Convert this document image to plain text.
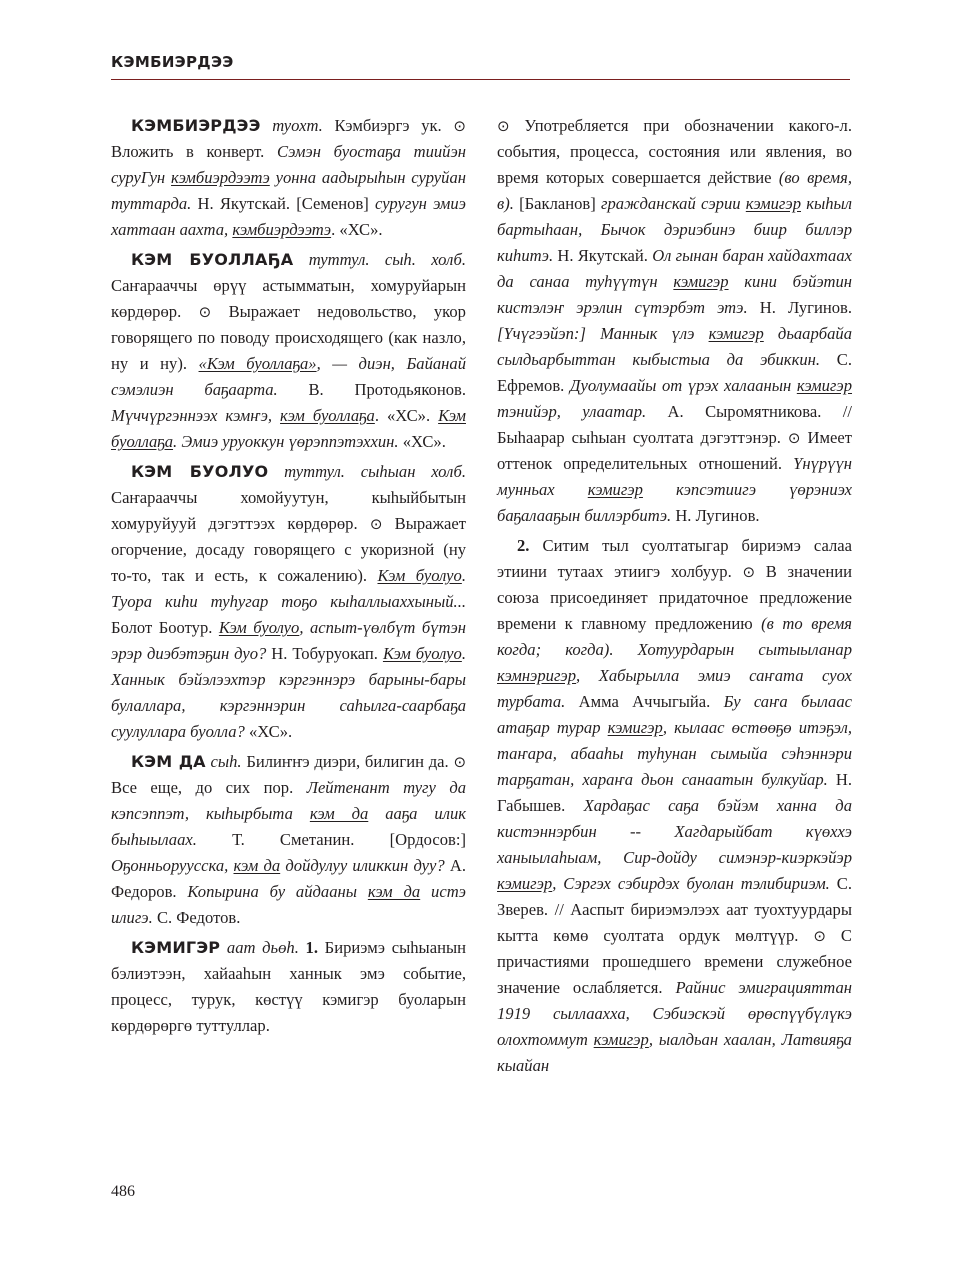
КЭМБИЭРДЭЭ

КЭМБИЭРДЭЭ туохт. Кэмбиэргэ ук. ⊙ Вложить в конверт. Сэмэн буостаҕа тиийэн суруГун кэмбиэрдээтэ уонна аадырыһын суруйан туттарда. Н. Якутскай. [Семенов] суругун эмиэ хаттаан аахта, кэмбиэрдээтэ. «ХС».

КЭМ БУОЛЛАҔА туттул. сыһ. холб. Саҥарааччы өрүү астымматын, хомуруйарын көрдөрөр. ⊙ Выражает недовольство, укор говорящего по поводу происходящего (как назло, ну и ну). «Кэм буоллаҕа», — диэн, Байанай сэмэлиэн баҕаарта. В. Протодьяконов. Мүччүргэннээх кэмҥэ, кэм буоллаҕа. «ХС». Кэм буоллаҕа. Эмиэ уруоккун үөрэппэтэххин. «ХС».

КЭМ БУОЛУО туттул. сыһыан холб. Саҥарааччы хомойуутун, кыһыйбытын хомуруйууй дэгэттээх көрдөрөр. ⊙ Выражает огорчение, досаду говорящего с укоризной (ну то-то, так и есть, к сожалению). Кэм буолуо. Туора киһи туһугар тоҕо кыһаллыаххыный... Болот Боотур. Кэм буолуо, аспыт-үөлбүт бүтэн эрэр диэбэтэҕин дуо? Н. Тобуруокап. Кэм буолуо. Ханнык бэйэлээхтэр кэргэннэрэ барыны-бары булаллара, кэргэннэрин саһылга-саарбаҕа суулуллара буолла? «ХС».

КЭМ ДА сыһ. Билиҥҥэ диэри, билигин да. ⊙ Все еще, до сих пор. Лейтенант тугу да кэпсэппэт, кыһырбыта кэм да ааҕа илик быһыылаах. Т. Сметанин. [Ордосов:] Оҕонньоруусска, кэм да дойдулуу иликкин дуу? А. Федоров. Копырина бу айдааны кэм да истэ илигэ. С. Федотов.

КЭМИГЭР аат дьөһ. 1. Бириэмэ сыһыанын бэлиэтээн, хайааһын ханнык эмэ событие, процесс, турук, көстүү кэмигэр буоларын көрдөрөргө туттуллар.

⊙ Употребляется при обозначении какого-л. события, процесса, состояния или явления, во время которых совершается действие (во время, в). [Бакланов] гражданскай сэрии кэмигэр кыһыл бартыһаан, Бычок дэриэбинэ биир биллэр киһитэ. Н. Якутскай. Ол гынан баран хайдахтаах да санаа туһүүтүн кэмигэр кини бэйэтин кистэлэҥ эрэлин сүтэрбэт этэ. Н. Лугинов. [Үчүгээйэп:] Маннык үлэ кэмигэр дьаарбайа сылдьарбыттан кыбыстыа да эбиккин. С. Ефремов. Дуолумаайы от үрэх халаанын кэмигэр тэнийэр, улаатар. А. Сыромятникова. // Быһаарар сыһыан суолтата дэгэттэнэр. ⊙ Имеет оттенок определительных отношений. Үнүрүүн мунньах кэмигэр кэпсэтиигэ үөрэниэх баҕалааҕын биллэрбитэ. Н. Лугинов.

2. Ситим тыл суолтатыгар бириэмэ салаа этиини тутаах этиигэ холбуур. ⊙ В значении союза присоединяет придаточное предложение времени к главному предложению (в то время когда; когда). Хотуурдарын сытыыланар кэмнэригэр, Хабырылла эмиэ саҥата суох турбата. Амма Аччыгыйа. Бу саҥа былаас атаҕар турар кэмигэр, кылаас өстөөҕө итэҕэл, таҥара, абааһы туһунан сымыйа сэһэннэри тарҕатан, хараҥа дьон санаатын булкуйар. Н. Габышев. Хардаҕас саҕа бэйэм ханна да кистэннэрбин -- Хагдарыйбат күөххэ ханыылаһыам, Сир-дойду симэнэр-киэркэйэр кэмигэр, Сэргэх сэбирдэх буолан тэлибириэм. С. Зверев. // Ааспыт бириэмэлээх аат туохтуурдары кытта көмө суолтата ордук мөлтүүр. ⊙ С причастиями прошедшего времени служебное значение ослабляется. Райнис эмиграцияттан 1919 сыллаахха, Сэбиэскэй өрөспүүбүлүкэ олохтоммут кэмигэр, ыалдьан хаалан, Латвияҕа кыайан

486
